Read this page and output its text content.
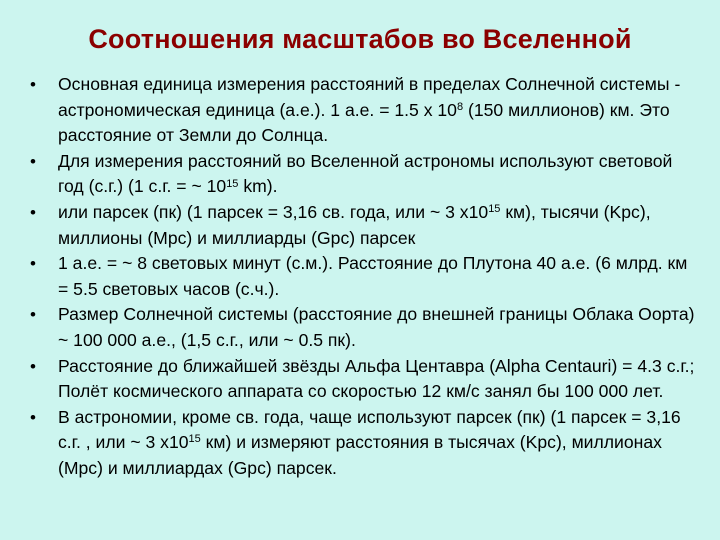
Соотношения масштабов во Вселенной
•	Основная единица измерения расстояний в пределах Солнечной системы - астрономическая единица (а.е.). 1 а.е. = 1.5 х $10^8$ (150 миллионов) км. Это расстояние от Земли до Солнца.
•	Для измерения расстояний во Вселенной астрономы используют световой год (с.г.) (1 с.г. = ~ $10^{15}$ km).
•	или парсек (пк) (1 парсек = 3,16 св. года, или ~ 3 $х10^{15}$ км), тысячи (Kpc), миллионы (Mpc) и миллиарды (Gpc) парсек
•	1 а.е. = ~ 8 световых минут (с.м.). Расстояние до Плутона 40 а.е. (6 млрд. км = 5.5 световых часов (с.ч.).
•	Размер Солнечной системы (расстояние до внешней границы Облака Оорта) ~ 100 000 а.е., (1,5 с.г., или ~ 0.5 пк).
•	Расстояние до ближайшей звёзды Альфа Центавра (Alpha Centauri) = 4.3 с.г.; Полёт космического аппарата со скоростью 12 км/с занял бы 100 000 лет.
•	В астрономии, кроме св. года, чаще используют парсек (пк) (1 парсек = 3,16 с.г. , или ~ 3 $х10^{15}$ км) и измеряют расстояния в тысячах (Kpc), миллионах (Mpc) и миллиардах (Gpc) парсек.
